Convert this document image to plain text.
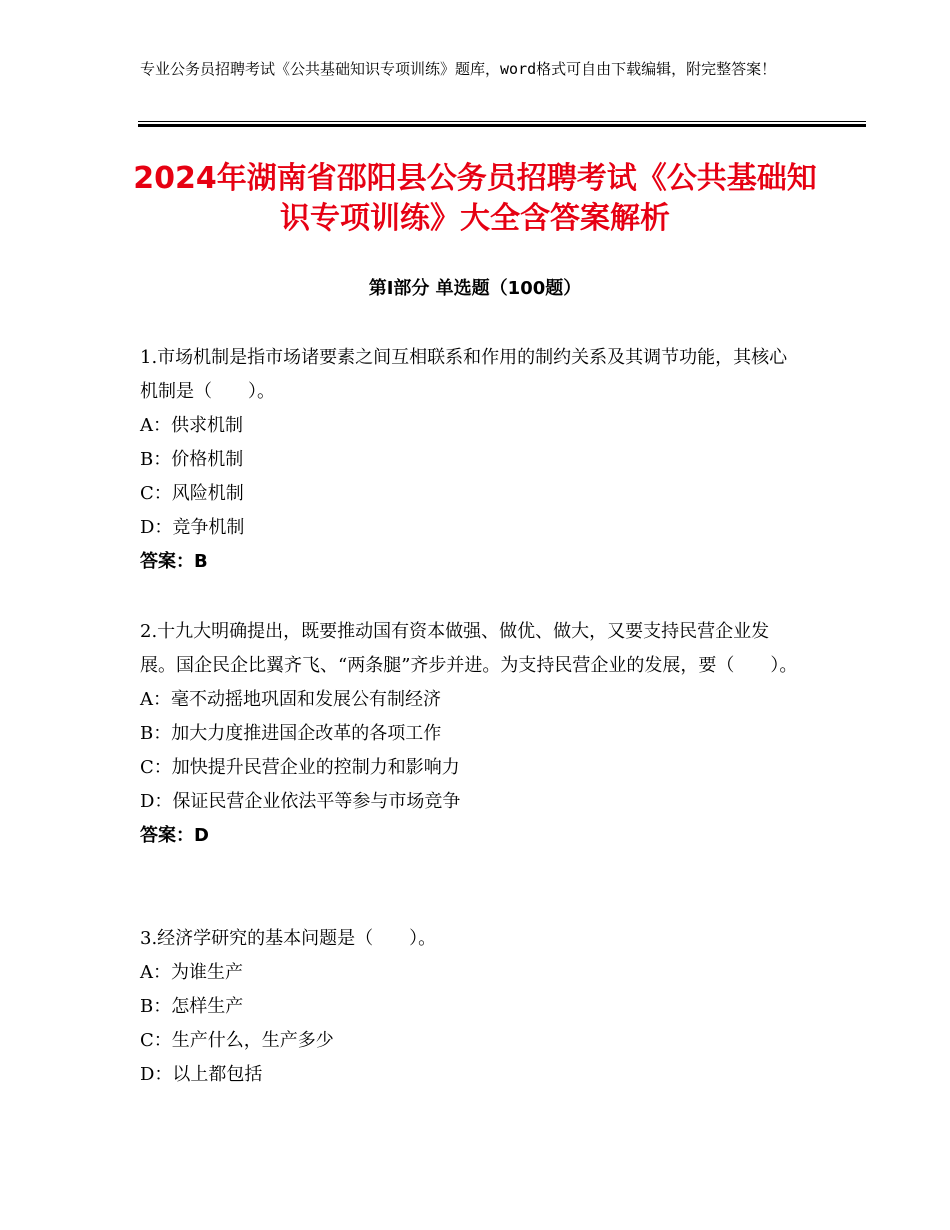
专业公务员招聘考试《公共基础知识专项训练》题库，word格式可自由下载编辑，附完整答案！
2024年湖南省邵阳县公务员招聘考试《公共基础知识专项训练》大全含答案解析
第Ⅰ部分 单选题（100题）

1.市场机制是指市场诸要素之间互相联系和作用的制约关系及其调节功能，其核心机制是（　　）。

A：供求机制

B：价格机制

C：风险机制

D：竞争机制

答案：B

2.十九大明确提出，既要推动国有资本做强、做优、做大，又要支持民营企业发展。国企民企比翼齐飞、“两条腿”齐步并进。为支持民营企业的发展，要（　　）。

A：毫不动摇地巩固和发展公有制经济

B：加大力度推进国企改革的各项工作

C：加快提升民营企业的控制力和影响力

D：保证民营企业依法平等参与市场竞争

答案：D

3.经济学研究的基本问题是（　　）。

A：为谁生产

B：怎样生产

C：生产什么，生产多少

D：以上都包括
